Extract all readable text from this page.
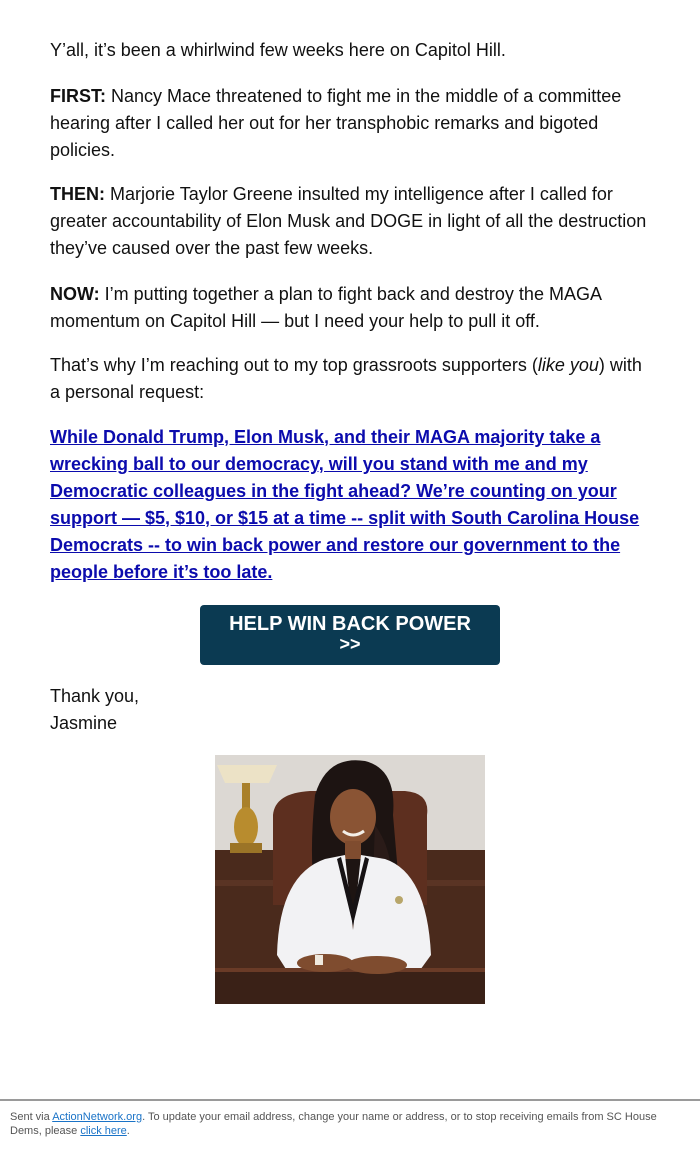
Y’all, it’s been a whirlwind few weeks here on Capitol Hill.

FIRST: Nancy Mace threatened to fight me in the middle of a committee hearing after I called her out for her transphobic remarks and bigoted policies.

THEN: Marjorie Taylor Greene insulted my intelligence after I called for greater accountability of Elon Musk and DOGE in light of all the destruction they’ve caused over the past few weeks.

NOW: I’m putting together a plan to fight back and destroy the MAGA momentum on Capitol Hill — but I need your help to pull it off.

That’s why I’m reaching out to my top grassroots supporters (like you) with a personal request:

While Donald Trump, Elon Musk, and their MAGA majority take a wrecking ball to our democracy, will you stand with me and my Democratic colleagues in the fight ahead? We’re counting on your support — $5, $10, or $15 at a time -- split with South Carolina House Democrats -- to win back power and restore our government to the people before it’s too late.

HELP WIN BACK POWER
>>
Thank you,
Jasmine
Sent via ActionNetwork.org. To update your email address, change your name or address, or to stop receiving emails from SC House Dems, please click here.
